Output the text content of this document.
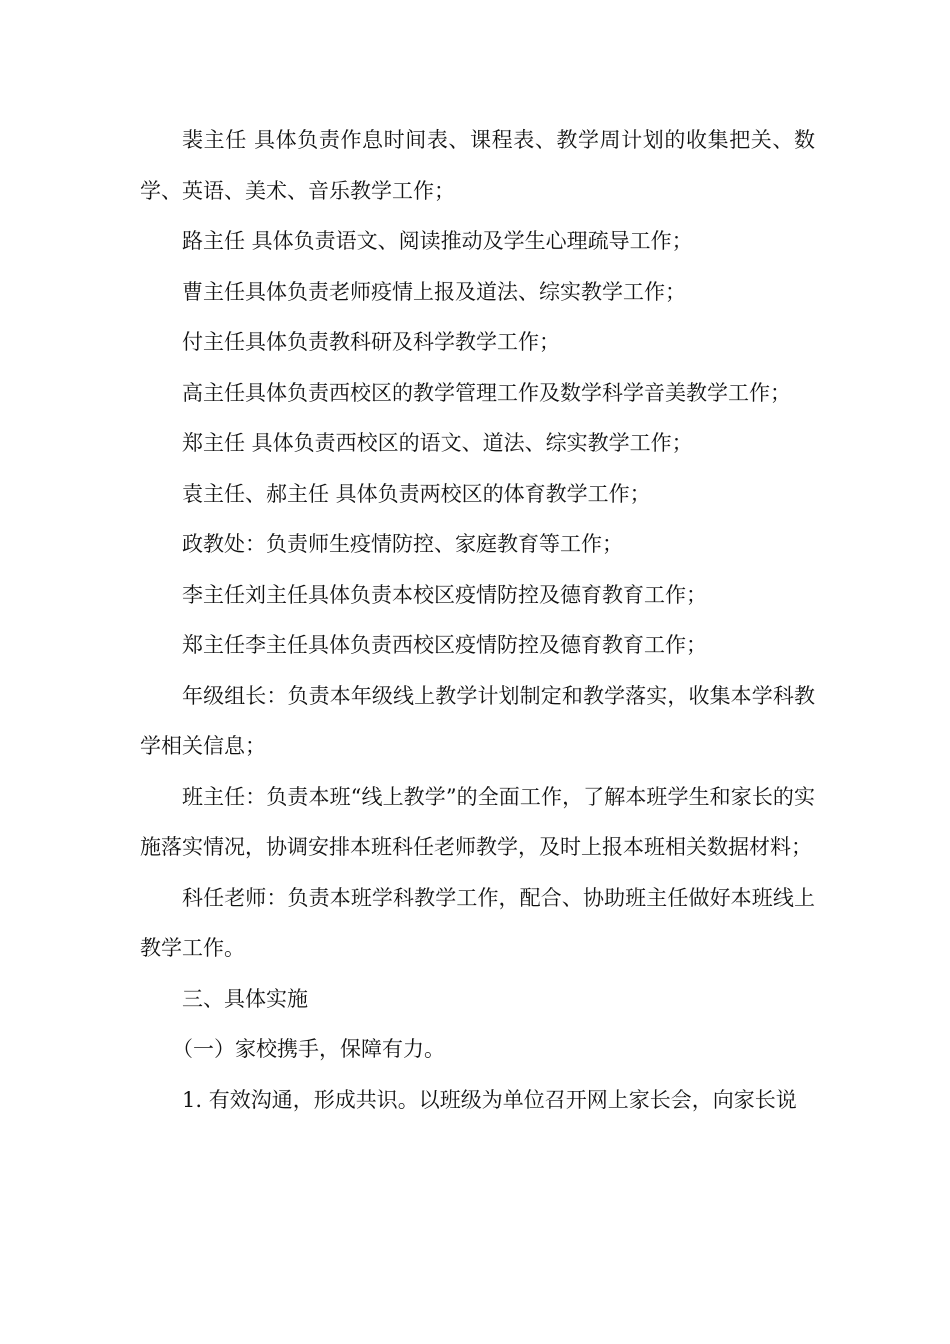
裴主任 具体负责作息时间表、课程表、教学周计划的收集把关、数学、英语、美术、音乐教学工作；

路主任 具体负责语文、阅读推动及学生心理疏导工作；

曹主任具体负责老师疫情上报及道法、综实教学工作；

付主任具体负责教科研及科学教学工作；

高主任具体负责西校区的教学管理工作及数学科学音美教学工作；

郑主任 具体负责西校区的语文、道法、综实教学工作；

袁主任、郝主任 具体负责两校区的体育教学工作；

政教处：负责师生疫情防控、家庭教育等工作；

李主任刘主任具体负责本校区疫情防控及德育教育工作；

郑主任李主任具体负责西校区疫情防控及德育教育工作；

年级组长：负责本年级线上教学计划制定和教学落实，收集本学科教学相关信息；

班主任：负责本班“线上教学”的全面工作，了解本班学生和家长的实施落实情况，协调安排本班科任老师教学，及时上报本班相关数据材料；

科任老师：负责本班学科教学工作，配合、协助班主任做好本班线上教学工作。

三、具体实施

（一）家校携手，保障有力。

1. 有效沟通，形成共识。以班级为单位召开网上家长会，向家长说
